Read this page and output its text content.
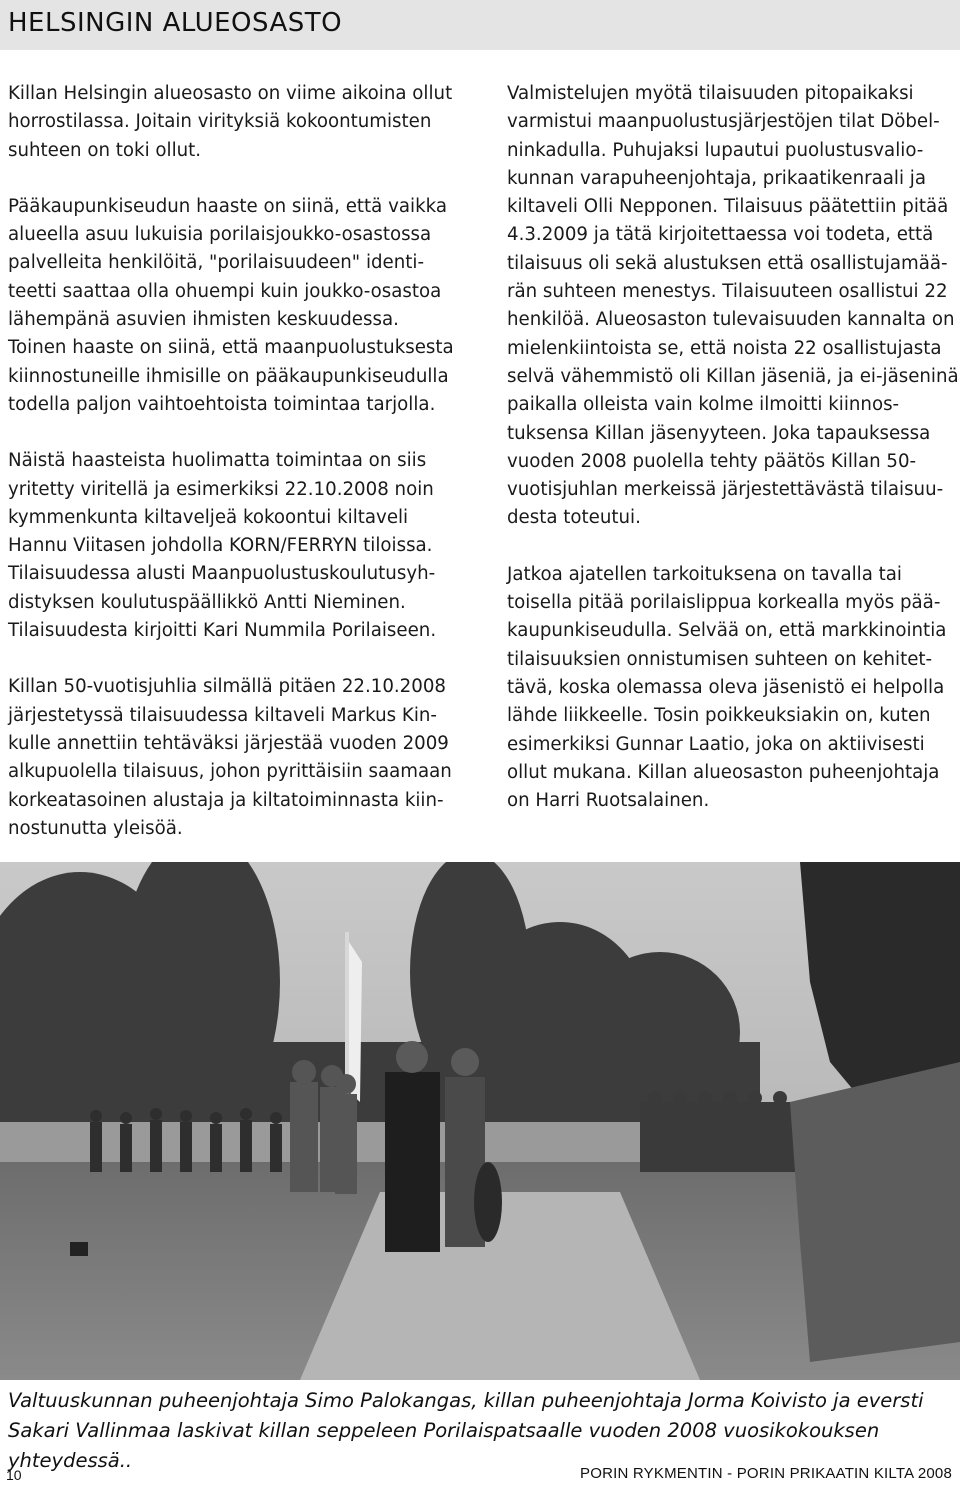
HELSINGIN ALUEOSASTO

Killan Helsingin alueosasto on viime aikoina ollut
horrostilassa. Joitain virityksiä kokoontumisten
suhteen on toki ollut.

Pääkaupunkiseudun haaste on siinä, että vaikka
alueella asuu lukuisia porilaisjoukko-osastossa
palvelleita henkilöitä, "porilaisuudeen" identi-
teetti saattaa olla ohuempi kuin joukko-osastoa
lähempänä asuvien ihmisten keskuudessa.
Toinen haaste on siinä, että maanpuolustuksesta
kiinnostuneille ihmisille on pääkaupunkiseudulla
todella paljon vaihtoehtoista toimintaa tarjolla.

Näistä haasteista huolimatta toimintaa on siis
yritetty viritellä ja esimerkiksi 22.10.2008 noin
kymmenkunta kiltaveljeä kokoontui kiltaveli
Hannu Viitasen johdolla KORN/FERRYN tiloissa.
Tilaisuudessa alusti Maanpuolustuskoulutusyh-
distyksen koulutuspäällikkö Antti Nieminen.
Tilaisuudesta kirjoitti Kari Nummila Porilaiseen.

Killan 50-vuotisjuhlia silmällä pitäen 22.10.2008
järjestetyssä tilaisuudessa kiltaveli Markus Kin-
kulle annettiin tehtäväksi järjestää vuoden 2009
alkupuolella tilaisuus, johon pyrittäisiin saamaan
korkeatasoinen alustaja ja kiltatoiminnasta kiin-
nostunutta yleisöä.

Valmistelujen myötä tilaisuuden pitopaikaksi
varmistui maanpuolustusjärjestöjen tilat Döbel-
ninkadulla. Puhujaksi lupautui puolustusvalio-
kunnan varapuheenjohtaja, prikaatikenraali ja
kiltaveli Olli Nepponen. Tilaisuus päätettiin pitää
4.3.2009 ja tätä kirjoitettaessa voi todeta, että
tilaisuus oli sekä alustuksen että osallistujamää-
rän suhteen menestys. Tilaisuuteen osallistui 22
henkilöä. Alueosaston tulevaisuuden kannalta on
mielenkiintoista se, että noista 22 osallistujasta
selvä vähemmistö oli Killan jäseniä, ja ei-jäseninä
paikalla olleista vain kolme ilmoitti kiinnos-
tuksensa Killan jäsenyyteen. Joka tapauksessa
vuoden 2008 puolella tehty päätös Killan 50-
vuotisjuhlan merkeissä järjestettävästä tilaisuu-
desta toteutui.

Jatkoa ajatellen tarkoituksena on tavalla tai
toisella pitää porilaislippua korkealla myös pää-
kaupunkiseudulla. Selvää on, että markkinointia
tilaisuuksien onnistumisen suhteen on kehitet-
tävä, koska olemassa oleva jäsenistö ei helpolla
lähde liikkeelle. Tosin poikkeuksiakin on, kuten
esimerkiksi Gunnar Laatio, joka on aktiivisesti
ollut mukana. Killan alueosaston puheenjohtaja
on Harri Ruotsalainen.

Valtuuskunnan puheenjohtaja Simo Palokangas, killan puheenjohtaja Jorma Koivisto ja eversti Sakari Vallinmaa laskivat killan seppeleen Porilaispatsaalle vuoden 2008 vuosikokouksen yhteydessä..
10	PORIN RYKMENTIN - PORIN PRIKAATIN KILTA 2008
